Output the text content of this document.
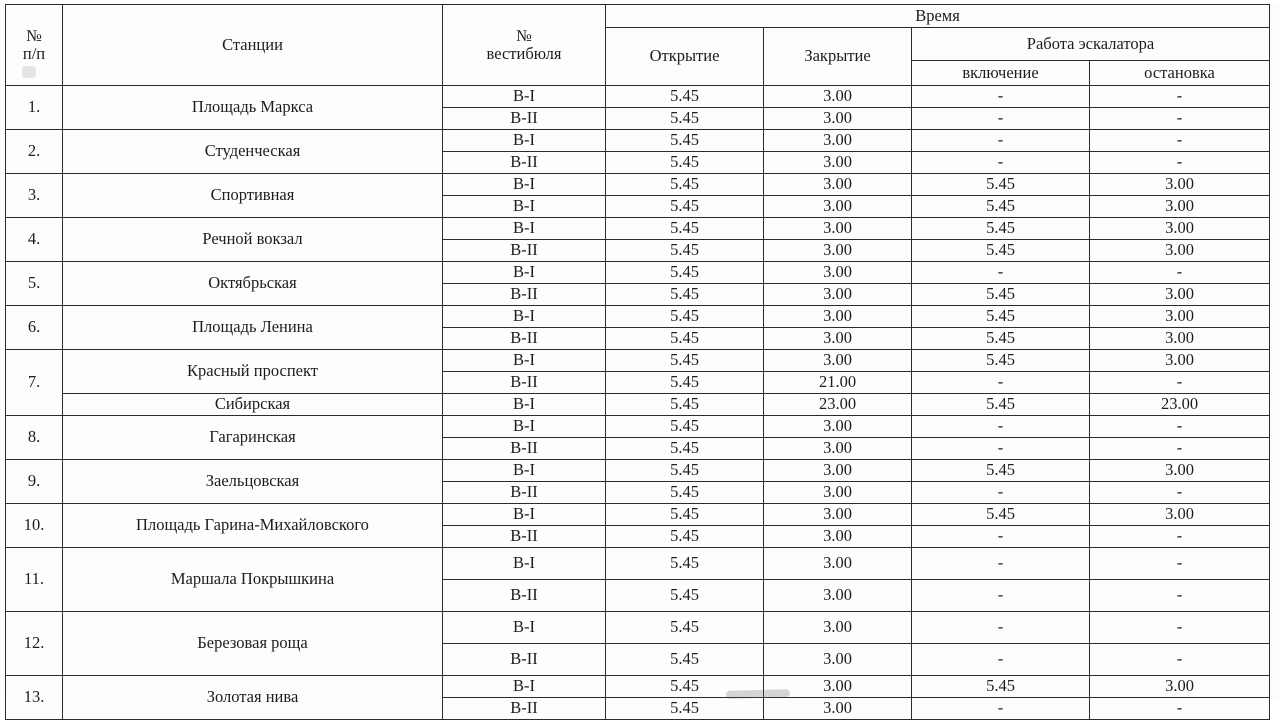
№
п/п	Станции	№
вестибюля
	Время
			Открытие	Закрытие	Работа эскалатора	
					включение	остановка
1.	Площадь Маркса	В-I	5.45	3.00	-	-
		В-II	5.45	3.00	-	-
2.	Студенческая	В-I	5.45	3.00	-	-
		В-II	5.45	3.00	-	-
3.	Спортивная	В-I	5.45	3.00	5.45	3.00
		В-I	5.45	3.00	5.45	3.00
4.	Речной вокзал	В-I	5.45	3.00	5.45	3.00
		В-II	5.45	3.00	5.45	3.00
5.	Октябрьская	В-I	5.45	3.00	-	-
		В-II	5.45	3.00	5.45	3.00
6.	Площадь Ленина	В-I	5.45	3.00	5.45	3.00
		В-II	5.45	3.00	5.45	3.00
7.	Красный проспект	В-I	5.45	3.00	5.45	3.00
		В-II	5.45	21.00	-	-
	Сибирская	В-I	5.45	23.00	5.45	23.00
8.	Гагаринская	В-I	5.45	3.00	-	-
		В-II	5.45	3.00	-	-
9.	Заельцовская	В-I	5.45	3.00	5.45	3.00
		В-II	5.45	3.00	-	-
10.	Площадь Гарина-Михайловского	В-I	5.45	3.00	5.45	3.00
		В-II	5.45	3.00	-	-
11.	Маршала Покрышкина	В-I	5.45	3.00	-	-
		В-II	5.45	3.00	-	-
12.	Березовая роща	В-I	5.45	3.00	-	-
		В-II	5.45	3.00	-	-
13.	Золотая нива	В-I	5.45	3.00	5.45	3.00
		В-II	5.45	3.00	-	-
